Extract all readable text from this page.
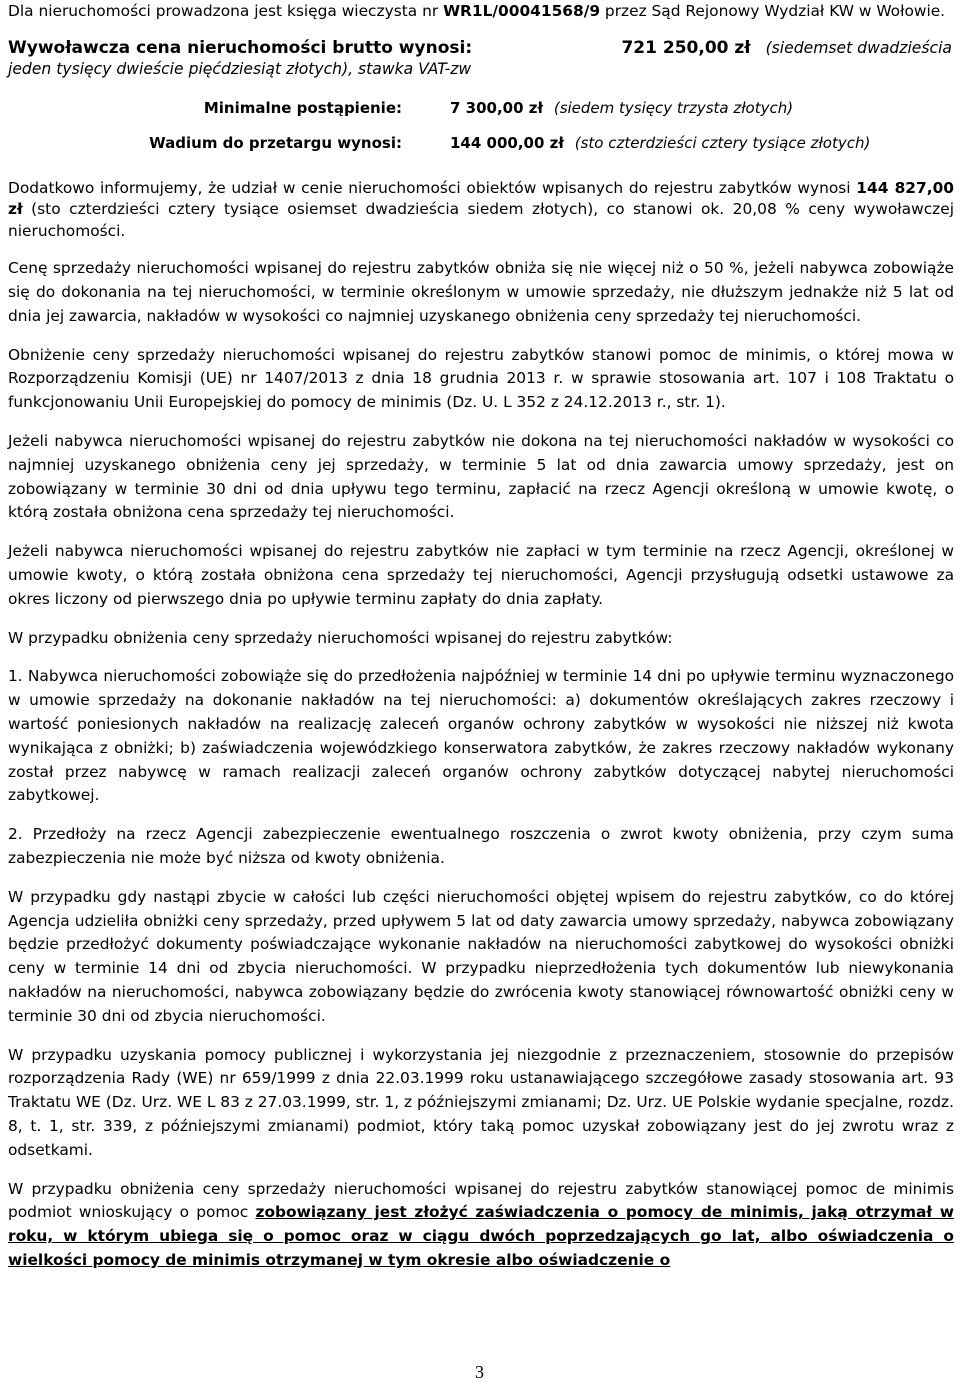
Dla nieruchomości prowadzona jest księga wieczysta nr WR1L/00041568/9 przez Sąd Rejonowy Wydział KW w Wołowie.

Wywoławcza cena nieruchomości brutto wynosi:	721 250,00 zł (siedemset dwadzieścia
jeden tysięcy dwieście pięćdziesiąt złotych), stawka VAT-zw
Minimalne postąpienie:	7 300,00 zł (siedem tysięcy trzysta złotych)
Wadium do przetargu wynosi:	144 000,00 zł (sto czterdzieści cztery tysiące złotych)

Dodatkowo informujemy, że udział w cenie nieruchomości obiektów wpisanych do rejestru zabytków wynosi 144 827,00 zł (sto czterdzieści cztery tysiące osiemset dwadzieścia siedem złotych), co stanowi ok. 20,08 % ceny wywoławczej nieruchomości.

Cenę sprzedaży nieruchomości wpisanej do rejestru zabytków obniża się nie więcej niż o 50 %, jeżeli nabywca zobowiąże się do dokonania na tej nieruchomości, w terminie określonym w umowie sprzedaży, nie dłuższym jednakże niż 5 lat od dnia jej zawarcia, nakładów w wysokości co najmniej uzyskanego obniżenia ceny sprzedaży tej nieruchomości.

Obniżenie ceny sprzedaży nieruchomości wpisanej do rejestru zabytków stanowi pomoc de minimis, o której mowa w Rozporządzeniu Komisji (UE) nr 1407/2013 z dnia 18 grudnia 2013 r. w sprawie stosowania art. 107 i 108 Traktatu o funkcjonowaniu Unii Europejskiej do pomocy de minimis (Dz. U. L 352 z 24.12.2013 r., str. 1).

Jeżeli nabywca nieruchomości wpisanej do rejestru zabytków nie dokona na tej nieruchomości nakładów w wysokości co najmniej uzyskanego obniżenia ceny jej sprzedaży, w terminie 5 lat od dnia zawarcia umowy sprzedaży, jest on zobowiązany w terminie 30 dni od dnia upływu tego terminu, zapłacić na rzecz Agencji określoną w umowie kwotę, o którą została obniżona cena sprzedaży tej nieruchomości.

Jeżeli nabywca nieruchomości wpisanej do rejestru zabytków nie zapłaci w tym terminie na rzecz Agencji, określonej w umowie kwoty, o którą została obniżona cena sprzedaży tej nieruchomości, Agencji przysługują odsetki ustawowe za okres liczony od pierwszego dnia po upływie terminu zapłaty do dnia zapłaty.

W przypadku obniżenia ceny sprzedaży nieruchomości wpisanej do rejestru zabytków:

1. Nabywca nieruchomości zobowiąże się do przedłożenia najpóźniej w terminie 14 dni po upływie terminu wyznaczonego w umowie sprzedaży na dokonanie nakładów na tej nieruchomości: a) dokumentów określających zakres rzeczowy i wartość poniesionych nakładów na realizację zaleceń organów ochrony zabytków w wysokości nie niższej niż kwota wynikająca z obniżki; b) zaświadczenia wojewódzkiego konserwatora zabytków, że zakres rzeczowy nakładów wykonany został przez nabywcę w ramach realizacji zaleceń organów ochrony zabytków dotyczącej nabytej nieruchomości zabytkowej.

2. Przedłoży na rzecz Agencji zabezpieczenie ewentualnego roszczenia o zwrot kwoty obniżenia, przy czym suma zabezpieczenia nie może być niższa od kwoty obniżenia.

W przypadku gdy nastąpi zbycie w całości lub części nieruchomości objętej wpisem do rejestru zabytków, co do której Agencja udzieliła obniżki ceny sprzedaży, przed upływem 5 lat od daty zawarcia umowy sprzedaży, nabywca zobowiązany będzie przedłożyć dokumenty poświadczające wykonanie nakładów na nieruchomości zabytkowej do wysokości obniżki ceny w terminie 14 dni od zbycia nieruchomości. W przypadku nieprzedłożenia tych dokumentów lub niewykonania nakładów na nieruchomości, nabywca zobowiązany będzie do zwrócenia kwoty stanowiącej równowartość obniżki ceny w terminie 30 dni od zbycia nieruchomości.

W przypadku uzyskania pomocy publicznej i wykorzystania jej niezgodnie z przeznaczeniem, stosownie do przepisów rozporządzenia Rady (WE) nr 659/1999 z dnia 22.03.1999 roku ustanawiającego szczegółowe zasady stosowania art. 93 Traktatu WE (Dz. Urz. WE L 83 z 27.03.1999, str. 1, z późniejszymi zmianami; Dz. Urz. UE Polskie wydanie specjalne, rozdz. 8, t. 1, str. 339, z późniejszymi zmianami) podmiot, który taką pomoc uzyskał zobowiązany jest do jej zwrotu wraz z odsetkami.

W przypadku obniżenia ceny sprzedaży nieruchomości wpisanej do rejestru zabytków stanowiącej pomoc de minimis podmiot wnioskujący o pomoc zobowiązany jest złożyć zaświadczenia o pomocy de minimis, jaką otrzymał w roku, w którym ubiega się o pomoc oraz w ciągu dwóch poprzedzających go lat, albo oświadczenia o wielkości pomocy de minimis otrzymanej w tym okresie albo oświadczenie o

3
